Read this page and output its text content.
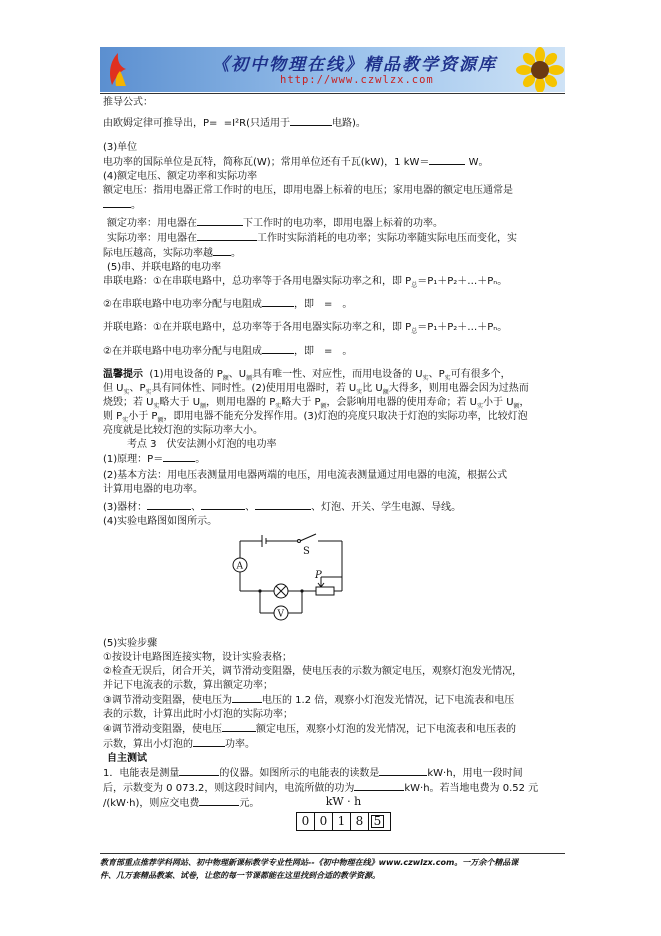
《初中物理在线》精品教学资源库
http://www.czwlzx.com
推导公式：
由欧姆定律可推导出，P= =I²R(只适用于	电路)。
(3)单位
电功率的国际单位是瓦特，简称瓦(W)；常用单位还有千瓦(kW)，1 kW＝	W。
(4)额定电压、额定功率和实际功率
额定电压：指用电器正常工作时的电压，即用电器上标着的电压；家用电器的额定电压通常是
。
额定功率：用电器在	下工作时的电功率，即用电器上标着的功率。
实际功率：用电器在	工作时实际消耗的电功率；实际功率随实际电压而变化，实
际电压越高，实际功率越 。
(5)串、并联电路的电功率
串联电路：①在串联电路中，总功率等于各用电器实际功率之和，即 $P_总=P_1+P_2+\dots+P_n$。
②在串联电路中电功率分配与电阻成	，即　=　。
并联电路：①在并联电路中，总功率等于各用电器实际功率之和，即 $P_总=P_1+P_2+\dots+P_n$。
②在并联电路中电功率分配与电阻成	，即　=　。
温馨提示 (1)用电设备的 $P_额$、$U_额$具有唯一性、对应性，而用电设备的 $U_实$、$P_实$可有很多个，
但 $U_实$、$P_实$具有同体性、同时性。(2)使用用电器时，若 $U_实$比 $U_额$大得多，则用电器会因为过热而
烧毁；若 $U_实$略大于 $U_额$，则用电器的 $P_实$略大于 $P_额$，会影响用电器的使用寿命；若 $U_实$小于 $U_额$，
则 $P_实$小于 $P_额$，即用电器不能充分发挥作用。(3)灯泡的亮度只取决于灯泡的实际功率，比较灯泡
亮度就是比较灯泡的实际功率大小。
考点 3　伏安法测小灯泡的电功率
(1)原理：P＝	。
(2)基本方法：用电压表测量用电器两端的电压，用电流表测量通过用电器的电流，根据公式
计算用电器的电功率。
(3)器材：	、	、	、灯泡、开关、学生电源、导线。
(4)实验电路图如图所示。
(5)实验步骤
①按设计电路图连接实物，设计实验表格；
②检查无误后，闭合开关，调节滑动变阻器，使电压表的示数为额定电压，观察灯泡发光情况，
并记下电流表的示数，算出额定功率；
③调节滑动变阻器，使电压为	电压的 1.2 倍，观察小灯泡发光情况，记下电流表和电压
表的示数，计算出此时小灯泡的实际功率；
④调节滑动变阻器，使电压	额定电压，观察小灯泡的发光情况，记下电流表和电压表的
示数，算出小灯泡的	功率。
自主测试
1．电能表是测量	的仪器。如图所示的电能表的读数是	kW·h，用电一段时间
后，示数变为 0 073.2，则这段时间内，电流所做的功为	kW·h。若当地电费为 0.52 元
/(kW·h)，则应交电费	元。
S
P
A
V
kW · h
0 0 1 8 5
教育部重点推荐学科网站、初中物理新课标教学专业性网站--《初中物理在线》www.czwlzx.com。一万余个精品课
件、几万套精品教案、试卷，让您的每一节课都能在这里找到合适的教学资源。
